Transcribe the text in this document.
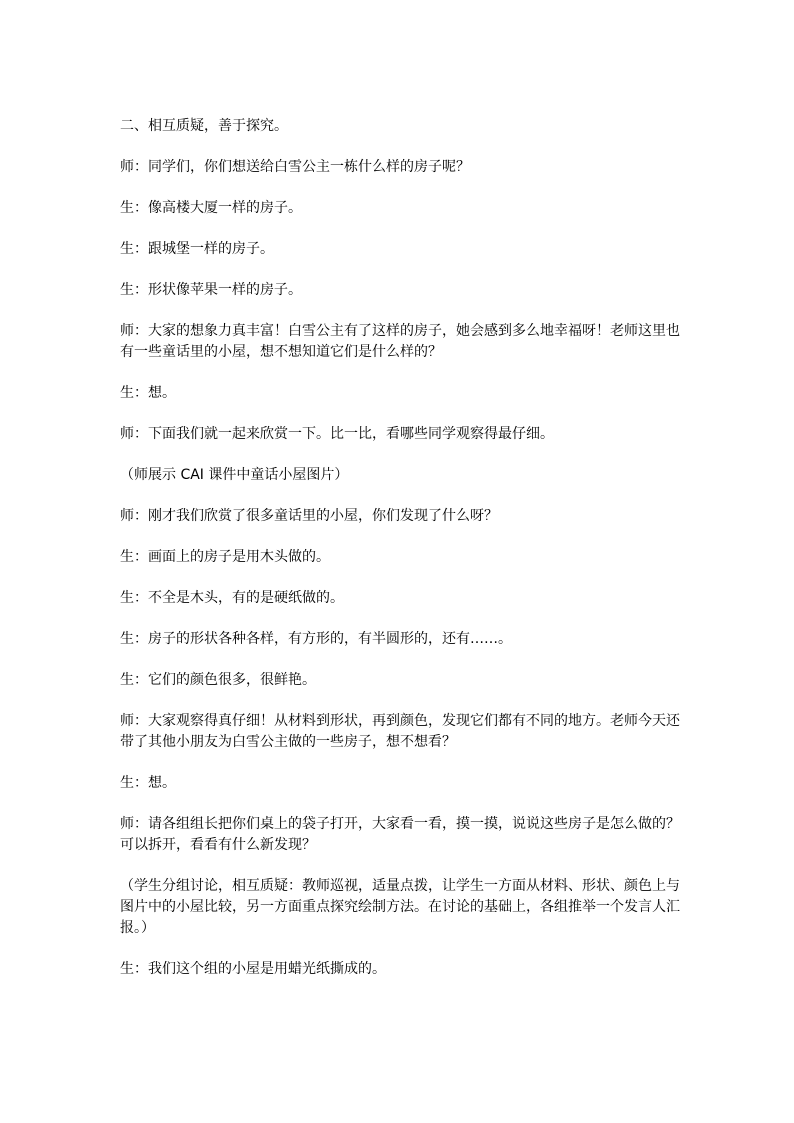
二、相互质疑，善于探究。

师：同学们，你们想送给白雪公主一栋什么样的房子呢？

生：像高楼大厦一样的房子。

生：跟城堡一样的房子。

生：形状像苹果一样的房子。

师：大家的想象力真丰富！白雪公主有了这样的房子，她会感到多么地幸福呀！老师这里也有一些童话里的小屋，想不想知道它们是什么样的？

生：想。

师：下面我们就一起来欣赏一下。比一比，看哪些同学观察得最仔细。

（师展示 CAI 课件中童话小屋图片）

师：刚才我们欣赏了很多童话里的小屋，你们发现了什么呀？

生：画面上的房子是用木头做的。

生：不全是木头，有的是硬纸做的。

生：房子的形状各种各样，有方形的，有半圆形的，还有……。

生：它们的颜色很多，很鲜艳。

师：大家观察得真仔细！从材料到形状，再到颜色，发现它们都有不同的地方。老师今天还带了其他小朋友为白雪公主做的一些房子，想不想看？

生：想。

师：请各组组长把你们桌上的袋子打开，大家看一看，摸一摸，说说这些房子是怎么做的？可以拆开，看看有什么新发现？

（学生分组讨论，相互质疑：教师巡视，适量点拨，让学生一方面从材料、形状、颜色上与图片中的小屋比较，另一方面重点探究绘制方法。在讨论的基础上，各组推举一个发言人汇报。）

生：我们这个组的小屋是用蜡光纸撕成的。
